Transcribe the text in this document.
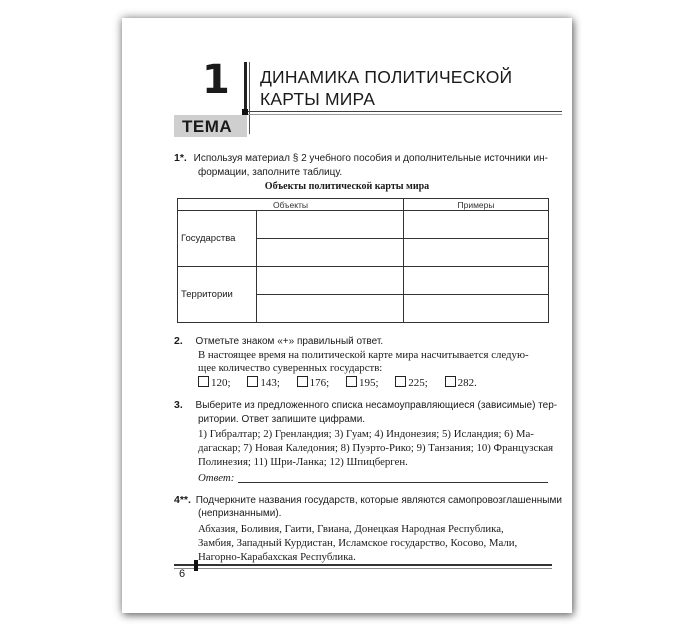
1 ДИНАМИКА ПОЛИТИЧЕСКОЙ
КАРТЫ МИРА
ТЕМА
1*. Используя материал § 2 учебного пособия и дополнительные источники ин-
формации, заполните таблицу.
Объекты политической карты мира
Объекты		Примеры
Государства		

Территории		

2. Отметьте знаком «+» правильный ответ.
В настоящее время на политической карте мира насчитывается следую-
щее количество суверенных государств:
120;	143;	176;	195;	225;	282.
3. Выберите из предложенного списка несамоуправляющиеся (зависимые) тер-
ритории. Ответ запишите цифрами.
1) Гибралтар; 2) Гренландия; 3) Гуам; 4) Индонезия; 5) Исландия; 6) Ма-
дагаскар; 7) Новая Каледония; 8) Пуэрто-Рико; 9) Танзания; 10) Французская
Полинезия; 11) Шри-Ланка; 12) Шпицберген.
Ответ:
4**. Подчеркните названия государств, которые являются самопровозглашенными
(непризнанными).
Абхазия, Боливия, Гаити, Гвиана, Донецкая Народная Республика,
Замбия, Западный Курдистан, Исламское государство, Косово, Мали,
Нагорно-Карабахская Республика.
6
